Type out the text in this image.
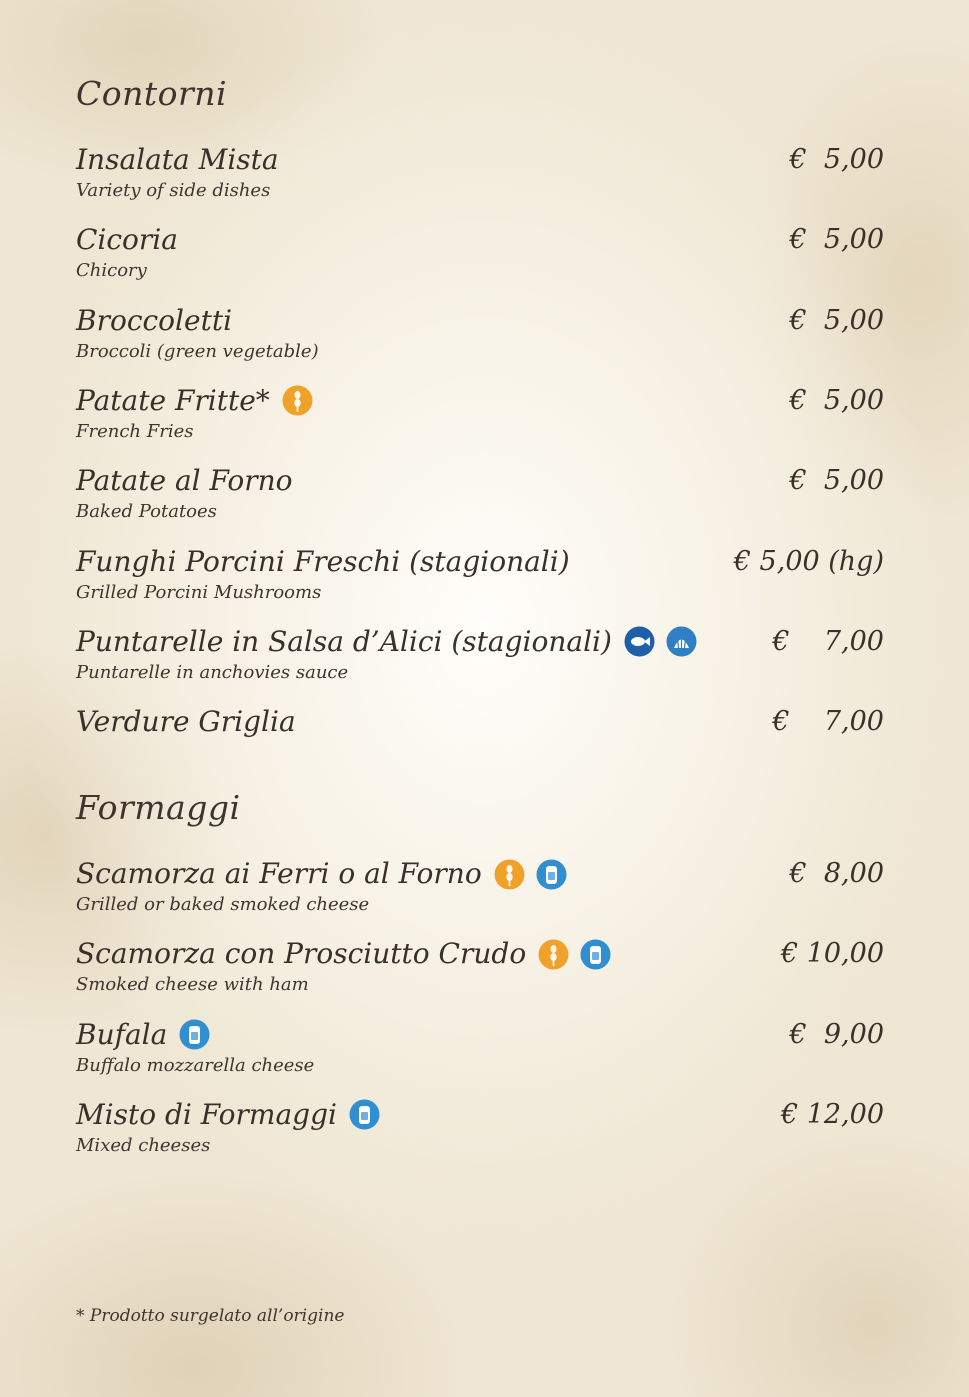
Contorni
Insalata Mista
Variety of side dishes
€  5,00
Cicoria
Chicory
€  5,00
Broccoletti
Broccoli (green vegetable)
€  5,00
Patate Fritte*
French Fries
€  5,00
Patate al Forno
Baked Potatoes
€  5,00
Funghi Porcini Freschi (stagionali)
Grilled Porcini Mushrooms
€ 5,00 (hg)
Puntarelle in Salsa d’Alici (stagionali)
Puntarelle in anchovies sauce
€    7,00
Verdure Griglia	€    7,00
Formaggi
Scamorza ai Ferri o al Forno
Grilled or baked smoked cheese
€  8,00
Scamorza con Prosciutto Crudo
Smoked cheese with ham
€ 10,00
Bufala
Buffalo mozzarella cheese
€  9,00
Misto di Formaggi
Mixed cheeses
€ 12,00
* Prodotto surgelato all’origine
